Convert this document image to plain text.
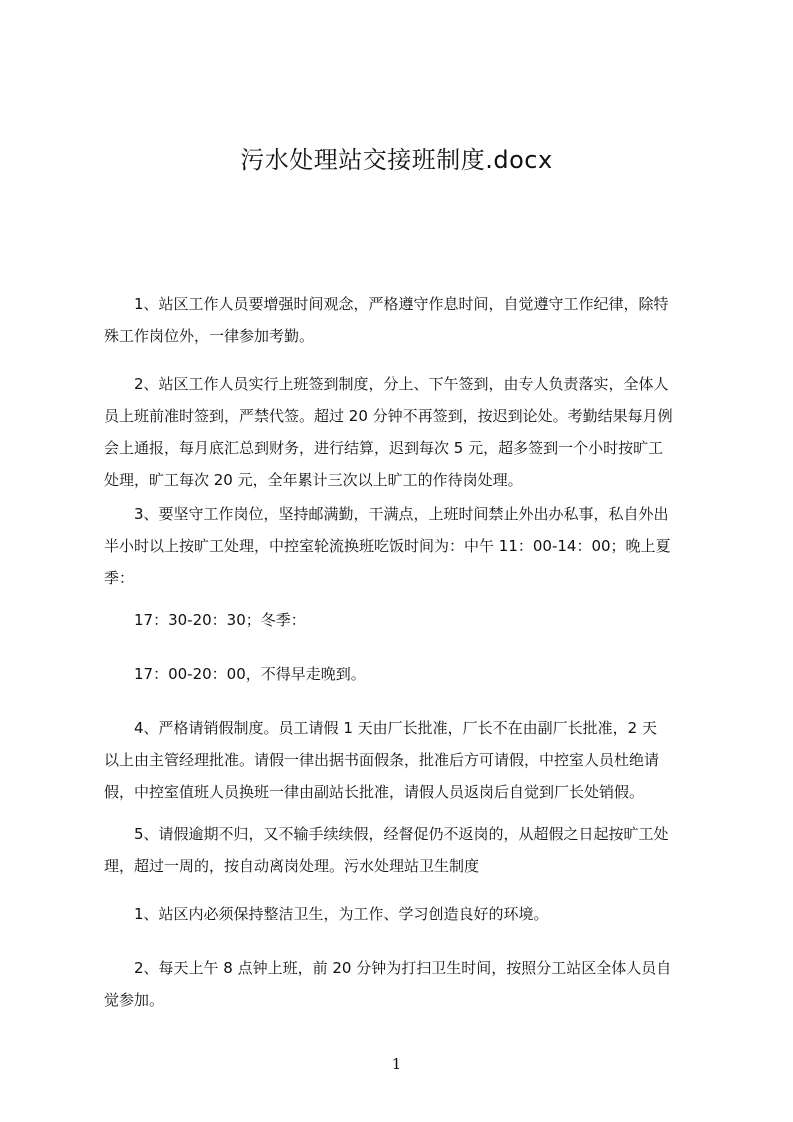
污水处理站交接班制度.docx
1、站区工作人员要增强时间观念，严格遵守作息时间，自觉遵守工作纪律，除特
殊工作岗位外，一律参加考勤。
2、站区工作人员实行上班签到制度，分上、下午签到，由专人负责落实，全体人
员上班前准时签到，严禁代签。超过 20 分钟不再签到，按迟到论处。考勤结果每月例
会上通报，每月底汇总到财务，进行结算，迟到每次 5 元，超多签到一个小时按旷工
处理，旷工每次 20 元，全年累计三次以上旷工的作待岗处理。
3、要坚守工作岗位，坚持邮满勤，干满点，上班时间禁止外出办私事，私自外出
半小时以上按旷工处理，中控室轮流换班吃饭时间为：中午 11：00-14：00；晚上夏
季：
17：30-20：30；冬季：
17：00-20：00，不得早走晚到。
4、严格请销假制度。员工请假 1 天由厂长批准，厂长不在由副厂长批准，2 天
以上由主管经理批准。请假一律出据书面假条，批准后方可请假，中控室人员杜绝请
假，中控室值班人员换班一律由副站长批准，请假人员返岗后自觉到厂长处销假。
5、请假逾期不归，又不输手续续假，经督促仍不返岗的，从超假之日起按旷工处
理，超过一周的，按自动离岗处理。污水处理站卫生制度
1、站区内必须保持整洁卫生，为工作、学习创造良好的环境。
2、每天上午 8 点钟上班，前 20 分钟为打扫卫生时间，按照分工站区全体人员自
觉参加。
1
